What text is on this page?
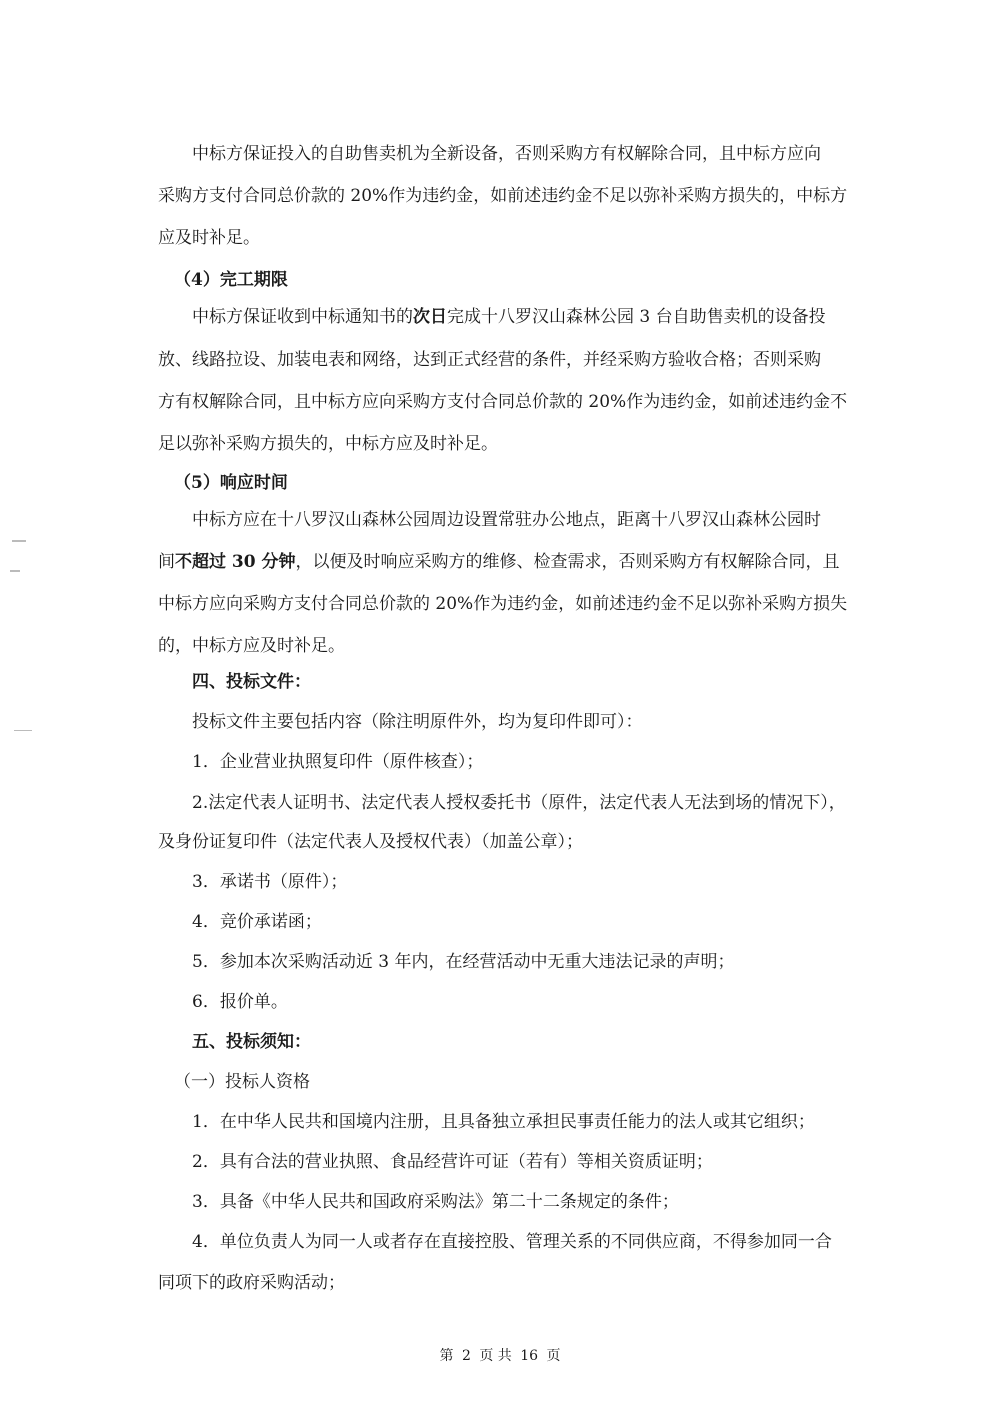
中标方保证投入的自助售卖机为全新设备，否则采购方有权解除合同，且中标方应向
采购方支付合同总价款的 20%作为违约金，如前述违约金不足以弥补采购方损失的，中标方
应及时补足。
（4）完工期限
中标方保证收到中标通知书的次日完成十八罗汉山森林公园 3 台自助售卖机的设备投
放、线路拉设、加装电表和网络，达到正式经营的条件，并经采购方验收合格；否则采购
方有权解除合同，且中标方应向采购方支付合同总价款的 20%作为违约金，如前述违约金不
足以弥补采购方损失的，中标方应及时补足。
（5）响应时间
中标方应在十八罗汉山森林公园周边设置常驻办公地点，距离十八罗汉山森林公园时
间不超过 30 分钟，以便及时响应采购方的维修、检查需求，否则采购方有权解除合同，且
中标方应向采购方支付合同总价款的 20%作为违约金，如前述违约金不足以弥补采购方损失
的，中标方应及时补足。
四、投标文件：
投标文件主要包括内容（除注明原件外，均为复印件即可）：
1．企业营业执照复印件（原件核查）；
2.法定代表人证明书、法定代表人授权委托书（原件，法定代表人无法到场的情况下），
及身份证复印件（法定代表人及授权代表）（加盖公章）；
3．承诺书（原件）；
4．竞价承诺函；
5．参加本次采购活动近 3 年内，在经营活动中无重大违法记录的声明；
6．报价单。
五、投标须知：
（一）投标人资格
1．在中华人民共和国境内注册，且具备独立承担民事责任能力的法人或其它组织；
2．具有合法的营业执照、食品经营许可证（若有）等相关资质证明；
3．具备《中华人民共和国政府采购法》第二十二条规定的条件；
4．单位负责人为同一人或者存在直接控股、管理关系的不同供应商，不得参加同一合
同项下的政府采购活动；
第 2 页 共 16 页
